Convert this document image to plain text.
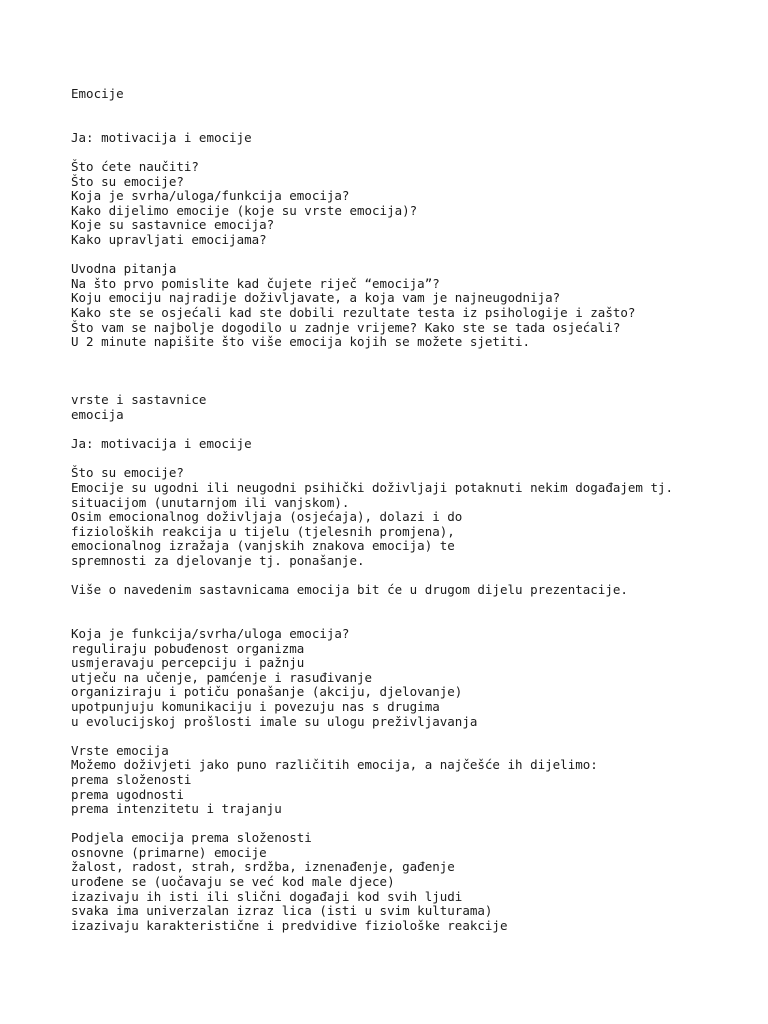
Emocije
Ja: motivacija i emocije
Što ćete naučiti?
Što su emocije?
Koja je svrha/uloga/funkcija emocija?
Kako dijelimo emocije (koje su vrste emocija)?
Koje su sastavnice emocija?
Kako upravljati emocijama?
Uvodna pitanja
Na što prvo pomislite kad čujete riječ “emocija”?
Koju emociju najradije doživljavate, a koja vam je najneugodnija?
Kako ste se osjećali kad ste dobili rezultate testa iz psihologije i zašto?
Što vam se najbolje dogodilo u zadnje vrijeme? Kako ste se tada osjećali?
U 2 minute napišite što više emocija kojih se možete sjetiti.
vrste i sastavnice
emocija
Ja: motivacija i emocije
Što su emocije?
Emocije su ugodni ili neugodni psihički doživljaji potaknuti nekim događajem tj.
situacijom (unutarnjom ili vanjskom).
Osim emocionalnog doživljaja (osjećaja), dolazi i do
fizioloških reakcija u tijelu (tjelesnih promjena),
emocionalnog izražaja (vanjskih znakova emocija) te
spremnosti za djelovanje tj. ponašanje.
Više o navedenim sastavnicama emocija bit će u drugom dijelu prezentacije.
Koja je funkcija/svrha/uloga emocija?
reguliraju pobuđenost organizma
usmjeravaju percepciju i pažnju
utječu na učenje, pamćenje i rasuđivanje
organiziraju i potiču ponašanje (akciju, djelovanje)
upotpunjuju komunikaciju i povezuju nas s drugima
u evolucijskoj prošlosti imale su ulogu preživljavanja
Vrste emocija
Možemo doživjeti jako puno različitih emocija, a najčešće ih dijelimo:
prema složenosti
prema ugodnosti
prema intenzitetu i trajanju
Podjela emocija prema složenosti
osnovne (primarne) emocije
žalost, radost, strah, srdžba, iznenađenje, gađenje
urođene se (uočavaju se već kod male djece)
izazivaju ih isti ili slični događaji kod svih ljudi
svaka ima univerzalan izraz lica (isti u svim kulturama)
izazivaju karakteristične i predvidive fiziološke reakcije
